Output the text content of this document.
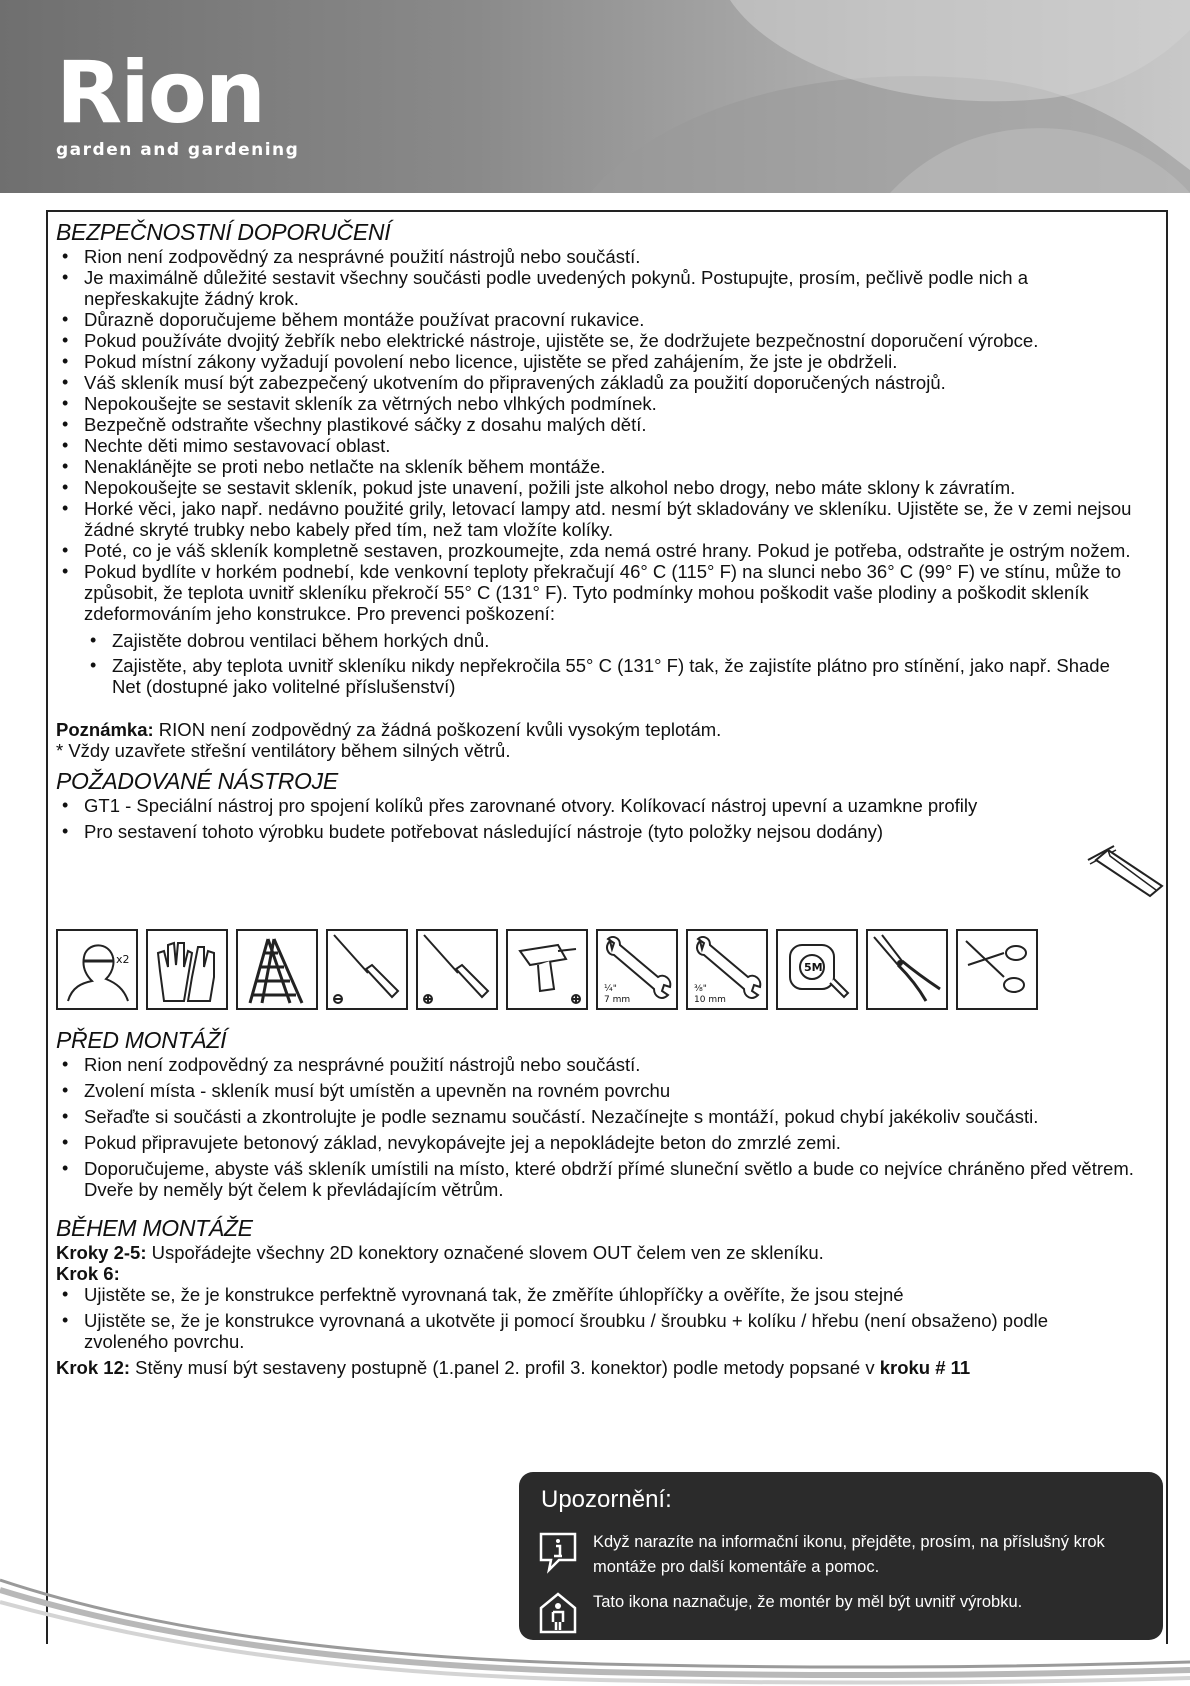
Rion
garden and gardening
BEZPEČNOSTNÍ DOPORUČENÍ
• Rion není zodpovědný za nesprávné použití nástrojů nebo součástí.
• Je maximálně důležité sestavit všechny součásti podle uvedených pokynů. Postupujte, prosím, pečlivě podle nich a nepřeskakujte žádný krok.
• Důrazně doporučujeme během montáže používat pracovní rukavice.
• Pokud používáte dvojitý žebřík nebo elektrické nástroje, ujistěte se, že dodržujete bezpečnostní doporučení výrobce.
• Pokud místní zákony vyžadují povolení nebo licence, ujistěte se před zahájením, že jste je obdrželi.
• Váš skleník musí být zabezpečený ukotvením do připravených základů za použití doporučených nástrojů.
• Nepokoušejte se sestavit skleník za větrných nebo vlhkých podmínek.
• Bezpečně odstraňte všechny plastikové sáčky z dosahu malých dětí.
• Nechte děti mimo sestavovací oblast.
• Nenaklánějte se proti nebo netlačte na skleník během montáže.
• Nepokoušejte se sestavit skleník, pokud jste unavení, požili jste alkohol nebo drogy, nebo máte sklony k závratím.
• Horké věci, jako např. nedávno použité grily, letovací lampy atd. nesmí být skladovány ve skleníku. Ujistěte se, že v zemi nejsou žádné skryté trubky nebo kabely před tím, než tam vložíte kolíky.
• Poté, co je váš skleník kompletně sestaven, prozkoumejte, zda nemá ostré hrany. Pokud je potřeba, odstraňte je ostrým nožem.
• Pokud bydlíte v horkém podnebí, kde venkovní teploty překračují 46° C (115° F) na slunci nebo 36° C (99° F) ve stínu, může to způsobit, že teplota uvnitř skleníku překročí 55° C (131° F). Tyto podmínky mohou poškodit vaše plodiny a poškodit skleník zdeformováním jeho konstrukce. Pro prevenci poškození:
• Zajistěte dobrou ventilaci během horkých dnů.
• Zajistěte, aby teplota uvnitř skleníku nikdy nepřekročila 55° C (131° F) tak, že zajistíte plátno pro stínění, jako např. Shade Net (dostupné jako volitelné příslušenství)

Poznámka: RION není zodpovědný za žádná poškození kvůli vysokým teplotám.

* Vždy uzavřete střešní ventilátory během silných větrů.

POŽADOVANÉ NÁSTROJE
• GT1 - Speciální nástroj pro spojení kolíků přes zarovnané otvory. Kolíkovací nástroj upevní a uzamkne profily
• Pro sestavení tohoto výrobku budete potřebovat následující nástroje (tyto položky nejsou dodány)
x2
¼"
7 mm
⅜"
10 mm
5M
PŘED MONTÁŽÍ
• Rion není zodpovědný za nesprávné použití nástrojů nebo součástí.
• Zvolení místa - skleník musí být umístěn a upevněn na rovném povrchu
• Seřaďte si součásti a zkontrolujte je podle seznamu součástí. Nezačínejte s montáží, pokud chybí jakékoliv součásti.
• Pokud připravujete betonový základ, nevykopávejte jej a nepokládejte beton do zmrzlé zemi.
• Doporučujeme, abyste váš skleník umístili na místo, které obdrží přímé sluneční světlo a bude co nejvíce chráněno před větrem. Dveře by neměly být čelem k převládajícím větrům.
BĚHEM MONTÁŽE

Kroky 2-5: Uspořádejte všechny 2D konektory označené slovem OUT čelem ven ze skleníku.

Krok 6:

• Ujistěte se, že je konstrukce perfektně vyrovnaná tak, že změříte úhlopříčky a ověříte, že jsou stejné
• Ujistěte se, že je konstrukce vyrovnaná a ukotvěte ji pomocí šroubku / šroubku + kolíku / hřebu (není obsaženo) podle zvoleného povrchu.

Krok 12: Stěny musí být sestaveny postupně (1.panel 2. profil 3. konektor) podle metody popsané v kroku # 11

Upozornění:
Když narazíte na informační ikonu, přejděte, prosím, na příslušný krok montáže pro další komentáře a pomoc.
Tato ikona naznačuje, že montér by měl být uvnitř výrobku.
